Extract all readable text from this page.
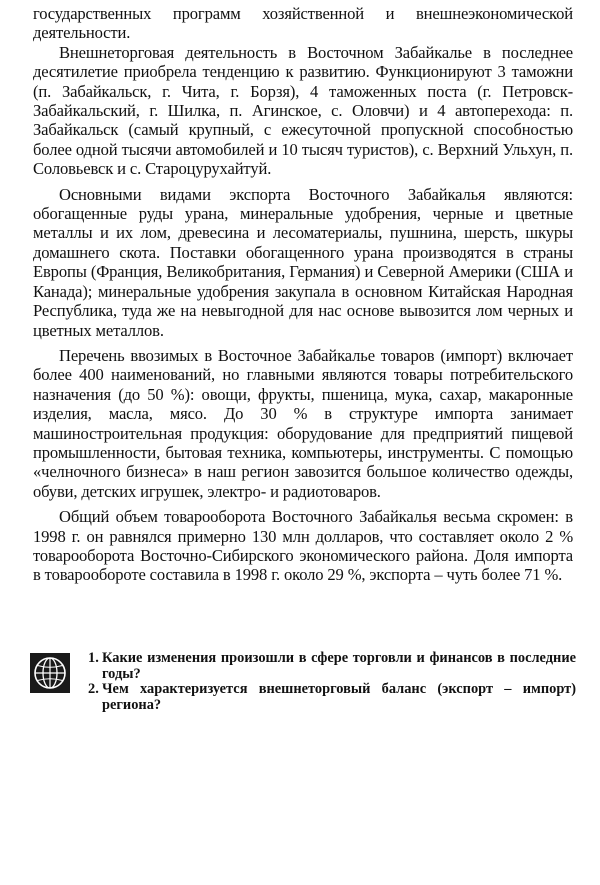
государственных программ хозяйственной и внешнеэкономической деятельности.

Внешнеторговая деятельность в Восточном Забайкалье в последнее десятилетие приобрела тенденцию к развитию. Функционируют 3 таможни (п. Забайкальск, г. Чита, г. Борзя), 4 таможенных поста (г. Петровск-Забайкальский, г. Шилка, п. Агинское, с. Оловчи) и 4 автоперехода: п. Забайкальск (самый крупный, с ежесуточной пропускной способностью более одной тысячи автомобилей и 10 тысяч туристов), с. Верхний Ульхун, п. Соловьевск и с. Староцурухайтуй.

Основными видами экспорта Восточного Забайкалья являются: обогащенные руды урана, минеральные удобрения, черные и цветные металлы и их лом, древесина и лесоматериалы, пушнина, шерсть, шкуры домашнего скота. Поставки обогащенного урана производятся в страны Европы (Франция, Великобритания, Германия) и Северной Америки (США и Канада); минеральные удобрения закупала в основном Китайская Народная Республика, туда же на невыгодной для нас основе вывозится лом черных и цветных металлов.

Перечень ввозимых в Восточное Забайкалье товаров (импорт) включает более 400 наименований, но главными являются товары потребительского назначения (до 50 %): овощи, фрукты, пшеница, мука, сахар, макаронные изделия, масла, мясо. До 30 % в структуре импорта занимает машиностроительная продукция: оборудование для предприятий пищевой промышленности, бытовая техника, компьютеры, инструменты. С помощью «челночного бизнеса» в наш регион завозится большое количество одежды, обуви, детских игрушек, электро- и радиотоваров.

Общий объем товарооборота Восточного Забайкалья весьма скромен: в 1998 г. он равнялся примерно 130 млн долларов, что составляет около 2 % товарооборота Восточно-Сибирского экономического района. Доля импорта в товарообороте составила в 1998 г. около 29 %, экспорта – чуть более 71 %.

1. Какие изменения произошли в сфере торговли и финансов в последние годы?
2. Чем характеризуется внешнеторговый баланс (экспорт – импорт) региона?
